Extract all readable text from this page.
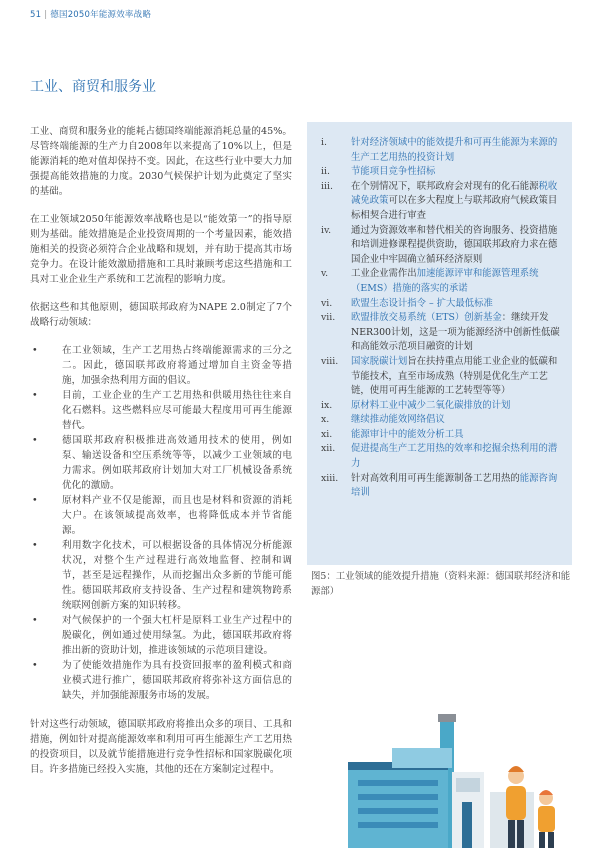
51 | 德国2050年能源效率战略
工业、商贸和服务业

工业、商贸和服务业的能耗占德国终端能源消耗总量的45%。尽管终端能源的生产力自2008年以来提高了10%以上，但是能源消耗的绝对值却保持不变。因此，在这些行业中要大力加强提高能效措施的力度。2030气候保护计划为此奠定了坚实的基础。

在工业领域2050年能源效率战略也是以“能效第一”的指导原则为基础。能效措施是企业投资周期的一个考量因素，能效措施相关的投资必须符合企业战略和规划，并有助于提高其市场竞争力。在设计能效激励措施和工具时兼顾考虑这些措施和工具对工业企业生产系统和工艺流程的影响力度。

依据这些和其他原则，德国联邦政府为NAPE 2.0制定了7个战略行动领域：

•	在工业领域，生产工艺用热占终端能源需求的三分之二。因此，德国联邦政府将通过增加自主资金等措施，加强余热利用方面的倡议。
•	目前，工业企业的生产工艺用热和供暖用热往往来自化石燃料。这些燃料应尽可能最大程度用可再生能源替代。
•	德国联邦政府积极推进高效通用技术的使用，例如泵、输送设备和空压系统等等，以减少工业领域的电力需求。例如联邦政府计划加大对工厂机械设备系统优化的激励。
•	原材料产业不仅是能源，而且也是材料和资源的消耗大户。在该领域提高效率，也将降低成本并节省能源。
•	利用数字化技术，可以根据设备的具体情况分析能源状况，对整个生产过程进行高效地监督、控制和调节，甚至是远程操作，从而挖掘出众多新的节能可能性。德国联邦政府支持设备、生产过程和建筑物跨系统联网创新方案的知识转移。
•	对气候保护的一个强大杠杆是原料工业生产过程中的脱碳化，例如通过使用绿氢。为此，德国联邦政府将推出新的资助计划，推进该领域的示范项目建设。
•	为了使能效措施作为具有投资回报率的盈利模式和商业模式进行推广，德国联邦政府将弥补这方面信息的缺失，并加强能源服务市场的发展。

针对这些行动领域，德国联邦政府将推出众多的项目、工具和措施，例如针对提高能源效率和利用可再生能源生产工艺用热的投资项目，以及就节能措施进行竞争性招标和国家脱碳化项目。许多措施已经投入实施，其他的还在方案制定过程中。

i.	针对经济领域中的能效提升和可再生能源为来源的生产工艺用热的投资计划
ii.	节能项目竞争性招标
iii.	在个别情况下，联邦政府会对现有的化石能源税收减免政策可以在多大程度上与联邦政府气候政策目标相契合进行审查
iv.	通过为资源效率和替代相关的咨询服务、投资措施和培训进修课程提供资助，德国联邦政府力求在德国企业中牢固确立循环经济原则
v.	工业企业需作出加速能源评审和能源管理系统（EMS）措施的落实的承诺
vi.	欧盟生态设计指令 – 扩大最低标准
vii.	欧盟排放交易系统（ETS）创新基金：继续开发NER300计划，这是一项为能源经济中创新性低碳和高能效示范项目融资的计划
viii.	国家脱碳计划旨在扶持重点用能工业企业的低碳和节能技术，直至市场成熟（特别是优化生产工艺链，使用可再生能源的工艺转型等等）
ix.	原材料工业中减少二氧化碳排放的计划
x.	继续推动能效网络倡议
xi.	能源审计中的能效分析工具
xii.	促进提高生产工艺用热的效率和挖掘余热利用的潜力
xiii.	针对高效利用可再生能源制备工艺用热的能源咨询培训
图5：工业领域的能效提升措施（资料来源：德国联邦经济和能源部）
